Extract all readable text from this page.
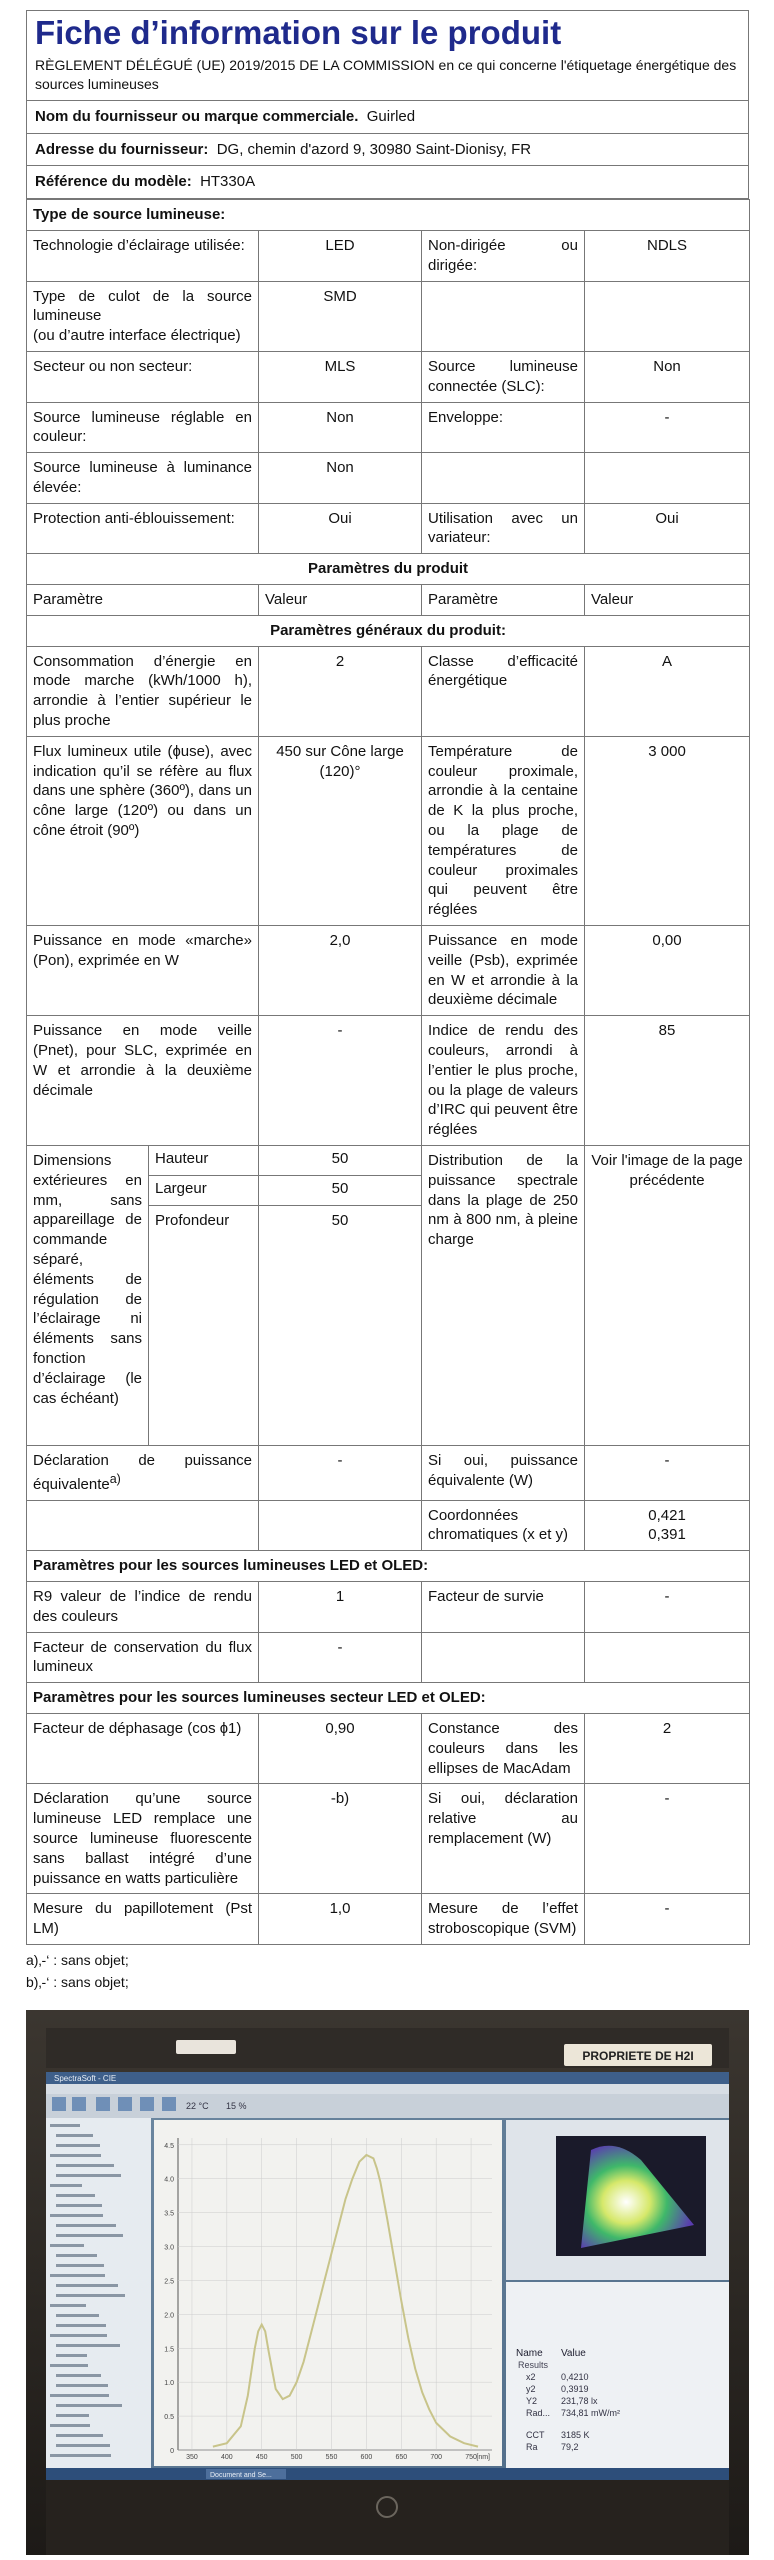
Fiche d’information sur le produit

RÈGLEMENT DÉLÉGUÉ (UE) 2019/2015 DE LA COMMISSION en ce qui concerne l'étiquetage énergétique des sources lumineuses

Nom du fournisseur ou marque commerciale. Guirled
Adresse du fournisseur: DG, chemin d'azord 9, 30980 Saint-Dionisy, FR
Référence du modèle: HT330A
Type de source lumineuse:				
Technologie d’éclairage utilisée:		LED	Non-dirigée ou dirigée:	NDLS
Type de culot de la source lumineuse
(ou d’autre interface électrique)		SMD		
Secteur ou non secteur:		MLS	Source lumineuse connectée (SLC):	Non
Source lumineuse réglable en couleur:		Non	Enveloppe:	-
Source lumineuse à luminance élevée:		Non		
Protection anti-éblouissement:		Oui	Utilisation avec un variateur:	Oui
Paramètres du produit				
Paramètre		Valeur	Paramètre	Valeur
Paramètres généraux du produit:				
Consommation d’énergie en mode marche (kWh/1000 h), arrondie à l’entier supérieur le plus proche		2	Classe d’efficacité énergétique	A
Flux lumineux utile (ɸuse), avec indication qu’il se réfère au flux dans une sphère (360º), dans un cône large (120º) ou dans un cône étroit (90º)		450 sur Cône large (120)°	Température de couleur proximale, arrondie à la centaine de K la plus proche, ou la plage de températures de couleur proximales qui peuvent être réglées	3 000
Puissance en mode «marche» (Pon), exprimée en W		2,0	Puissance en mode veille (Psb), exprimée en W et arrondie à la deuxième décimale	0,00
Puissance en mode veille (Pnet), pour SLC, exprimée en W et arrondie à la deuxième décimale		-	Indice de rendu des couleurs, arrondi à l’entier le plus proche, ou la plage de valeurs d’IRC qui peuvent être réglées	85
Dimensions extérieures en mm, sans appareillage de commande séparé, éléments de régulation de l’éclairage ni éléments sans fonction d’éclairage (le cas échéant)	Hauteur	50	Distribution de la puissance spectrale dans la plage de 250 nm à 800 nm, à pleine charge	Voir l'image de la page précédente
	Largeur	50		
	Profondeur	50		
Déclaration de puissance équivalente$^{a)}$		-	Si oui, puissance équivalente (W)	-
			Coordonnées chromatiques (x et y)	0,421
0,391
Paramètres pour les sources lumineuses LED et OLED:				
R9 valeur de l’indice de rendu des couleurs		1	Facteur de survie	-
Facteur de conservation du flux lumineux		-		
Paramètres pour les sources lumineuses secteur LED et OLED:				
Facteur de déphasage (cos ɸ1)		0,90	Constance des couleurs dans les ellipses de MacAdam	2
Déclaration qu’une source lumineuse LED remplace une source lumineuse fluorescente sans ballast intégré d’une puissance en watts particulière		-b)	Si oui, déclaration relative au remplacement (W)	-
Mesure du papillotement (Pst LM)		1,0	Mesure de l’effet stroboscopique (SVM)	-
a)‚-‘ : sans objet;
b)‚-‘ : sans objet;
PROPRIETE DE H2I
SpectraSoft - CIE
22 °C 15 %
0
0.5
1.0
1.5
2.0
2.5
3.0
3.5
4.0
4.5
350	400	450	500	550	600	650	700	750 [nm]
Name Value
Results
x2	0,4210
y2	0,3919
Y2	231,78 lx
Rad... 734,81 mW/m²
CCT 3185 K
Ra	79,2
Document and Se...
